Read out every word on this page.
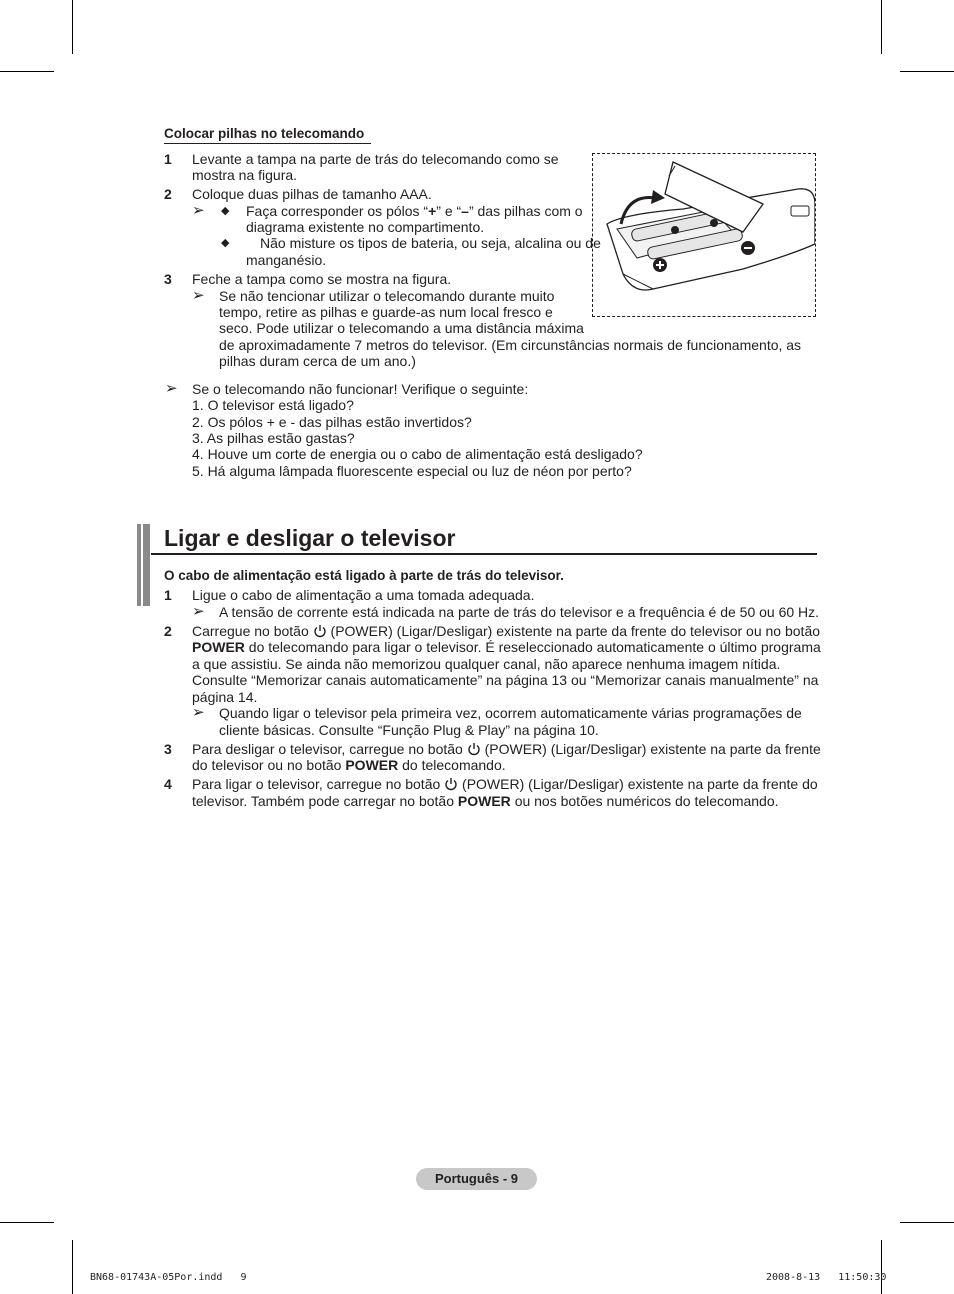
Colocar pilhas no telecomando
1 Levante a tampa na parte de trás do telecomando como se
mostra na figura.
2 Coloque duas pilhas de tamanho AAA.
➢ ◆ Faça corresponder os pólos “+” e “–” das pilhas com o
diagrama existente no compartimento.
◆ Não misture os tipos de bateria, ou seja, alcalina ou de
manganésio.
3 Feche a tampa como se mostra na figura.
➢ Se não tencionar utilizar o telecomando durante muito
tempo, retire as pilhas e guarde-as num local fresco e
seco. Pode utilizar o telecomando a uma distância máxima
de aproximadamente 7 metros do televisor. (Em circunstâncias normais de funcionamento, as
pilhas duram cerca de um ano.)
➢ Se o telecomando não funcionar! Verifique o seguinte:
1. O televisor está ligado?
2. Os pólos + e - das pilhas estão invertidos?
3. As pilhas estão gastas?
4. Houve um corte de energia ou o cabo de alimentação está desligado?
5. Há alguma lâmpada fluorescente especial ou luz de néon por perto?
Ligar e desligar o televisor
O cabo de alimentação está ligado à parte de trás do televisor.
1 Ligue o cabo de alimentação a uma tomada adequada.
➢ A tensão de corrente está indicada na parte de trás do televisor e a frequência é de 50 ou 60 Hz.
2 Carregue no botão (POWER) (Ligar/Desligar) existente na parte da frente do televisor ou no botão
POWER do telecomando para ligar o televisor. É reseleccionado automaticamente o último programa
a que assistiu. Se ainda não memorizou qualquer canal, não aparece nenhuma imagem nítida.
Consulte “Memorizar canais automaticamente” na página 13 ou “Memorizar canais manualmente” na
página 14.
➢ Quando ligar o televisor pela primeira vez, ocorrem automaticamente várias programações de
cliente básicas. Consulte “Função Plug & Play” na página 10.
3 Para desligar o televisor, carregue no botão (POWER) (Ligar/Desligar) existente na parte da frente
do televisor ou no botão POWER do telecomando.
4 Para ligar o televisor, carregue no botão (POWER) (Ligar/Desligar) existente na parte da frente do
televisor. Também pode carregar no botão POWER ou nos botões numéricos do telecomando.
Português - 9
BN68-01743A-05Por.indd   9	2008-8-13   11:50:30
